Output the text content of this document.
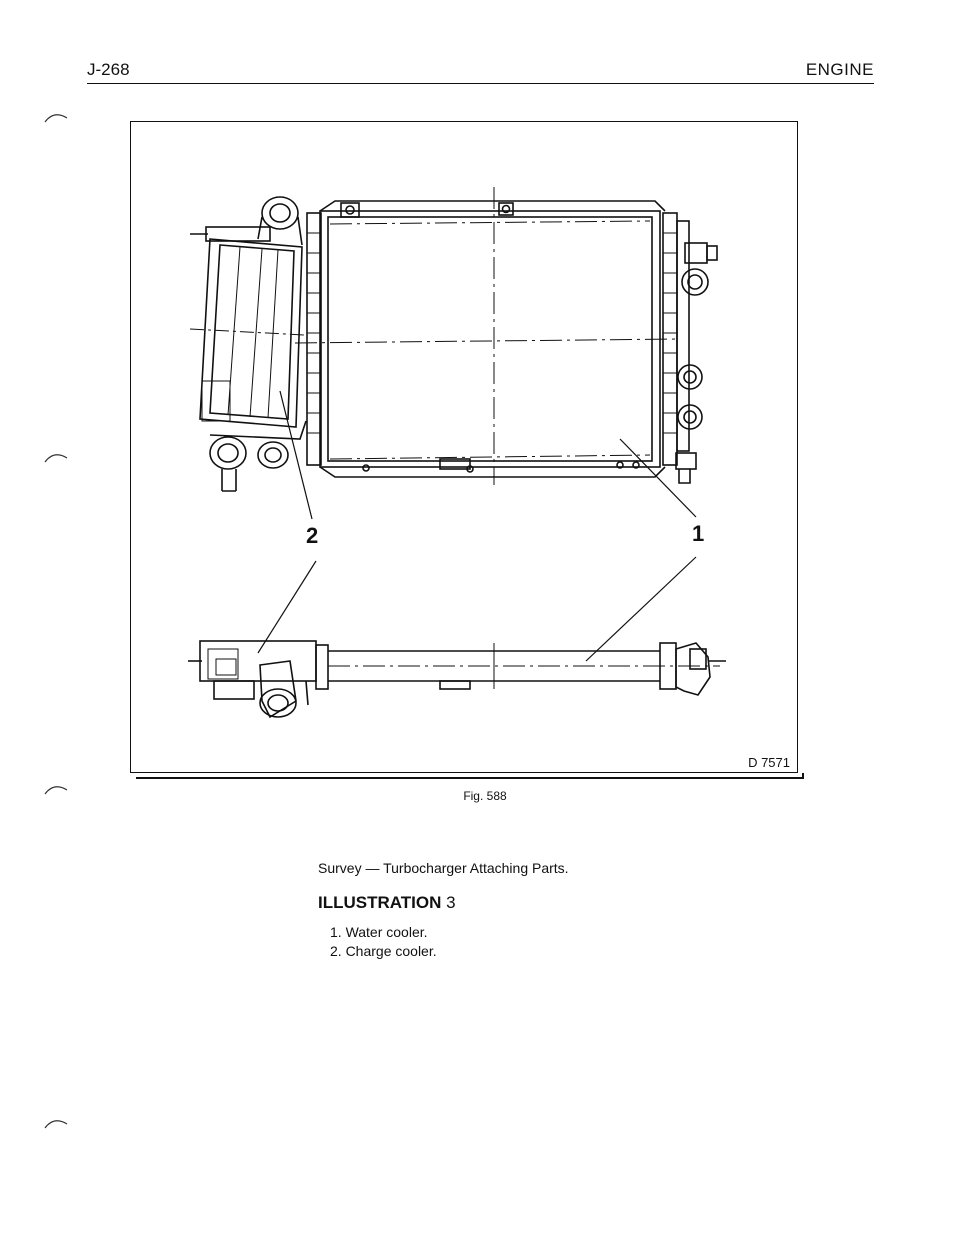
J-268	ENGINE
2	1
D 7571
Fig. 588
Survey — Turbocharger Attaching Parts.
ILLUSTRATION 3
1. Water cooler.
2. Charge cooler.
